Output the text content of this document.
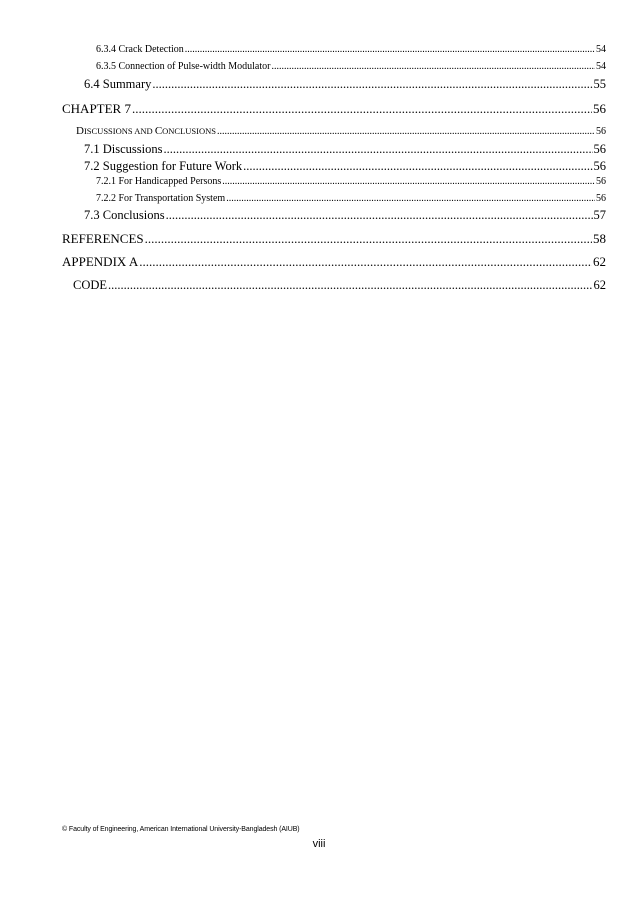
6.3.4 Crack Detection .....	54
6.3.5 Connection of Pulse-width Modulator .....	54
6.4 Summary .....	55
CHAPTER 7 .....	56
DISCUSSIONS AND CONCLUSIONS .....	56
7.1 Discussions .....	56
7.2 Suggestion for Future Work .....	56
7.2.1 For Handicapped Persons .....	56
7.2.2 For Transportation System .....	56
7.3 Conclusions .....	57
REFERENCES .....	58
APPENDIX A .....	62
CODE .....	62
© Faculty of Engineering, American International University-Bangladesh (AIUB)
viii
